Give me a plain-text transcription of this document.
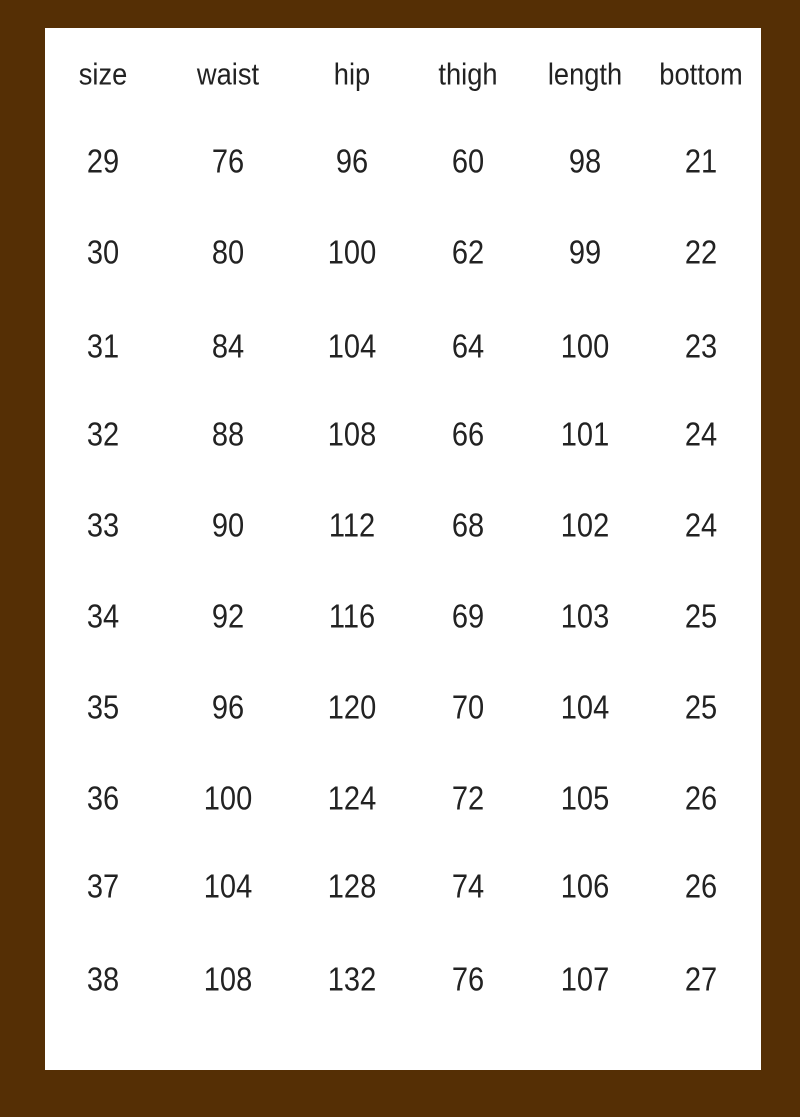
size waist hip thigh length bottom
29	76	96	60	98	21
30	80	100 62	99	22
31	84	104 64 100 23
32	88	108 66 101 24
33	90	112 68 102 24
34	92	116 69 103 25
35	96	120 70 104 25
36	100 124 72 105 26
37	104 128 74 106 26
38	108 132 76 107 27
